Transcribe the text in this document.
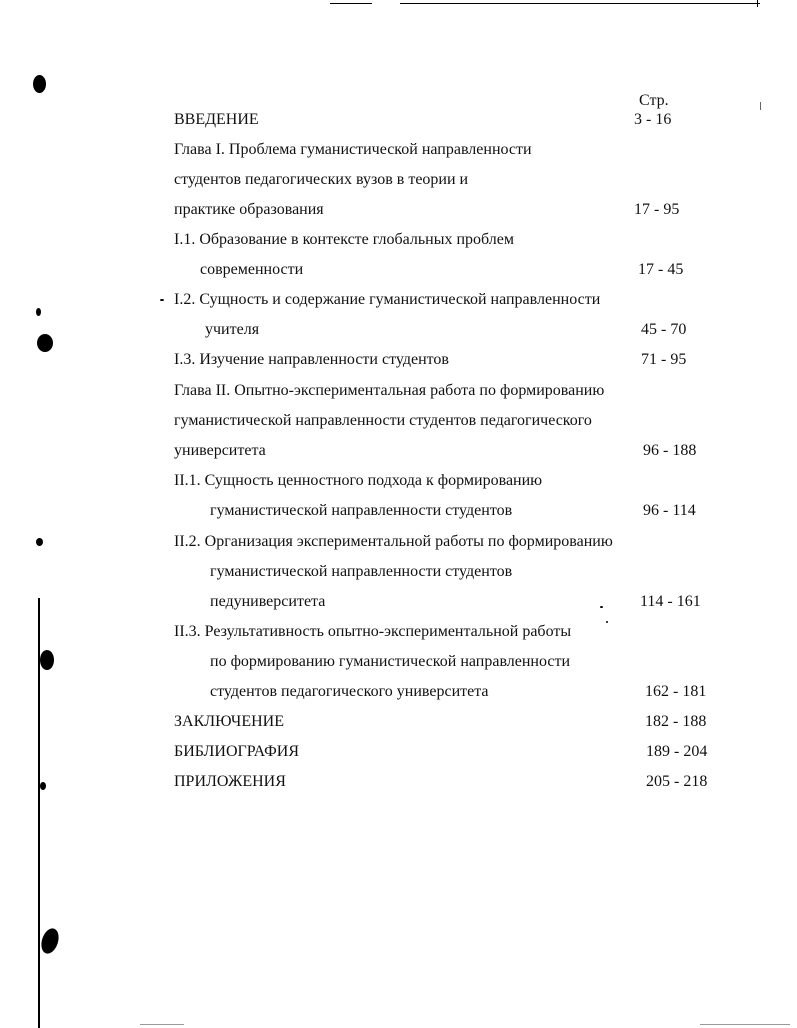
Стр.
ВВЕДЕНИЕ	3 - 16
Глава I. Проблема гуманистической направленности
студентов педагогических вузов в теории и
практике образования	17 - 95
I.1. Образование в контексте глобальных проблем
современности	17 - 45
I.2. Сущность и содержание гуманистической направленности
учителя	45 - 70
I.3. Изучение направленности студентов	71 - 95
Глава II. Опытно-экспериментальная работа по формированию
гуманистической направленности студентов педагогического
университета	96 - 188
II.1. Сущность ценностного подхода к формированию
гуманистической направленности студентов	96 - 114
II.2. Организация экспериментальной работы по формированию
гуманистической направленности студентов
педуниверситета	114 - 161
II.3. Результативность опытно-экспериментальной работы
по формированию гуманистической направленности
студентов педагогического университета	162 - 181
ЗАКЛЮЧЕНИЕ	182 - 188
БИБЛИОГРАФИЯ	189 - 204
ПРИЛОЖЕНИЯ	205 - 218
